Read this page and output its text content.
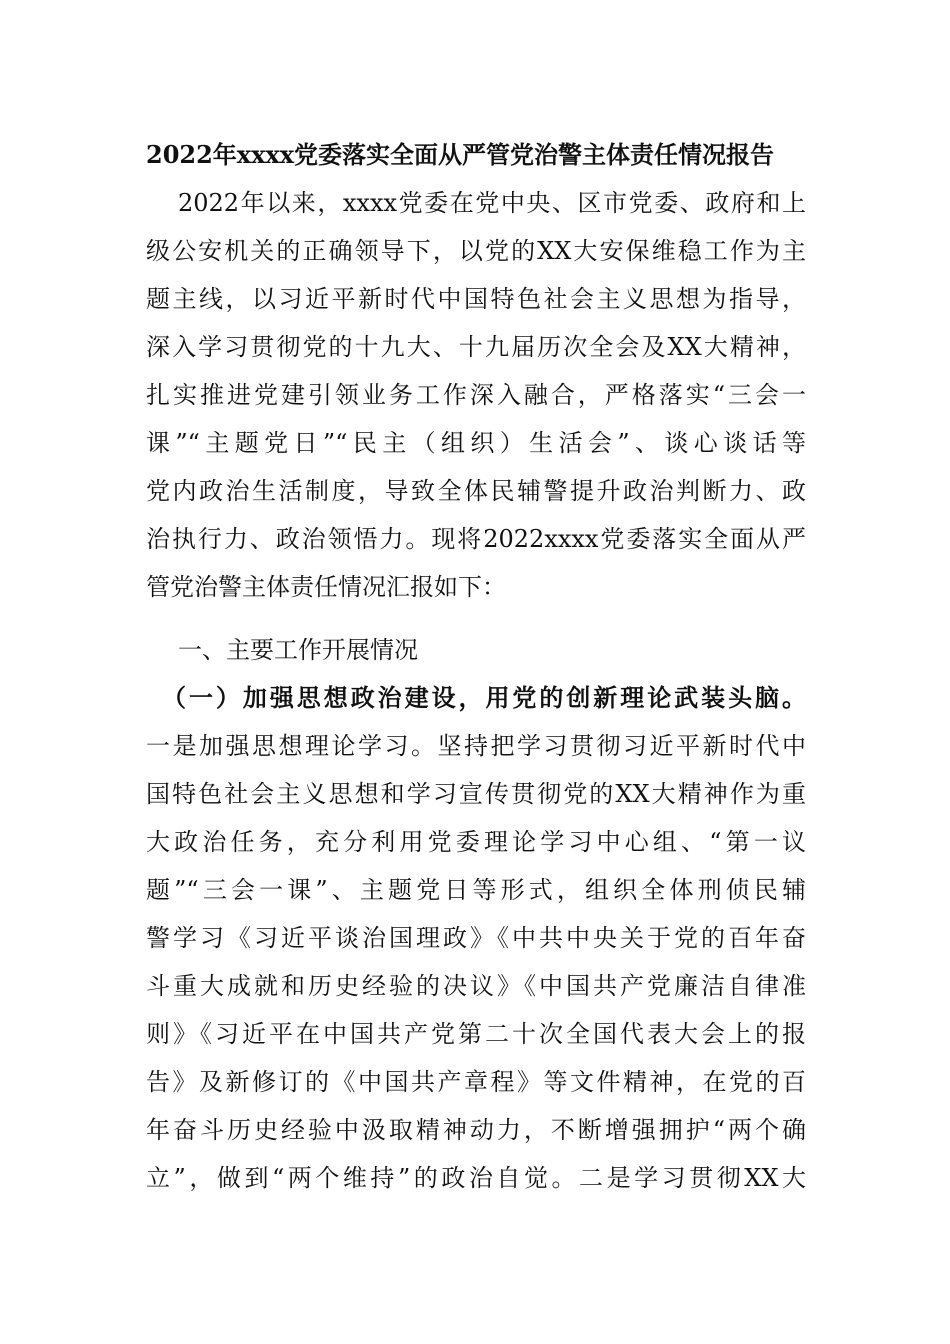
2022年xxxx党委落实全面从严管党治警主体责任情况报告
2022年以来，xxxx党委在党中央、区市党委、政府和上
级公安机关的正确领导下，以党的XX大安保维稳工作为主
题主线，以习近平新时代中国特色社会主义思想为指导，
深入学习贯彻党的十九大、十九届历次全会及XX大精神，
扎实推进党建引领业务工作深入融合，严格落实“三会一
课”“主题党日”“民主（组织）生活会”、谈心谈话等
党内政治生活制度，导致全体民辅警提升政治判断力、政
治执行力、政治领悟力。现将2022xxxx党委落实全面从严
管党治警主体责任情况汇报如下：
一、主要工作开展情况
（一）加强思想政治建设，用党的创新理论武装头脑。
一是加强思想理论学习。坚持把学习贯彻习近平新时代中
国特色社会主义思想和学习宣传贯彻党的XX大精神作为重
大政治任务，充分利用党委理论学习中心组、“第一议
题”“三会一课”、主题党日等形式，组织全体刑侦民辅
警学习《习近平谈治国理政》《中共中央关于党的百年奋
斗重大成就和历史经验的决议》《中国共产党廉洁自律准
则》《习近平在中国共产党第二十次全国代表大会上的报
告》及新修订的《中国共产章程》等文件精神，在党的百
年奋斗历史经验中汲取精神动力，不断增强拥护“两个确
立”，做到“两个维持”的政治自觉。二是学习贯彻XX大
